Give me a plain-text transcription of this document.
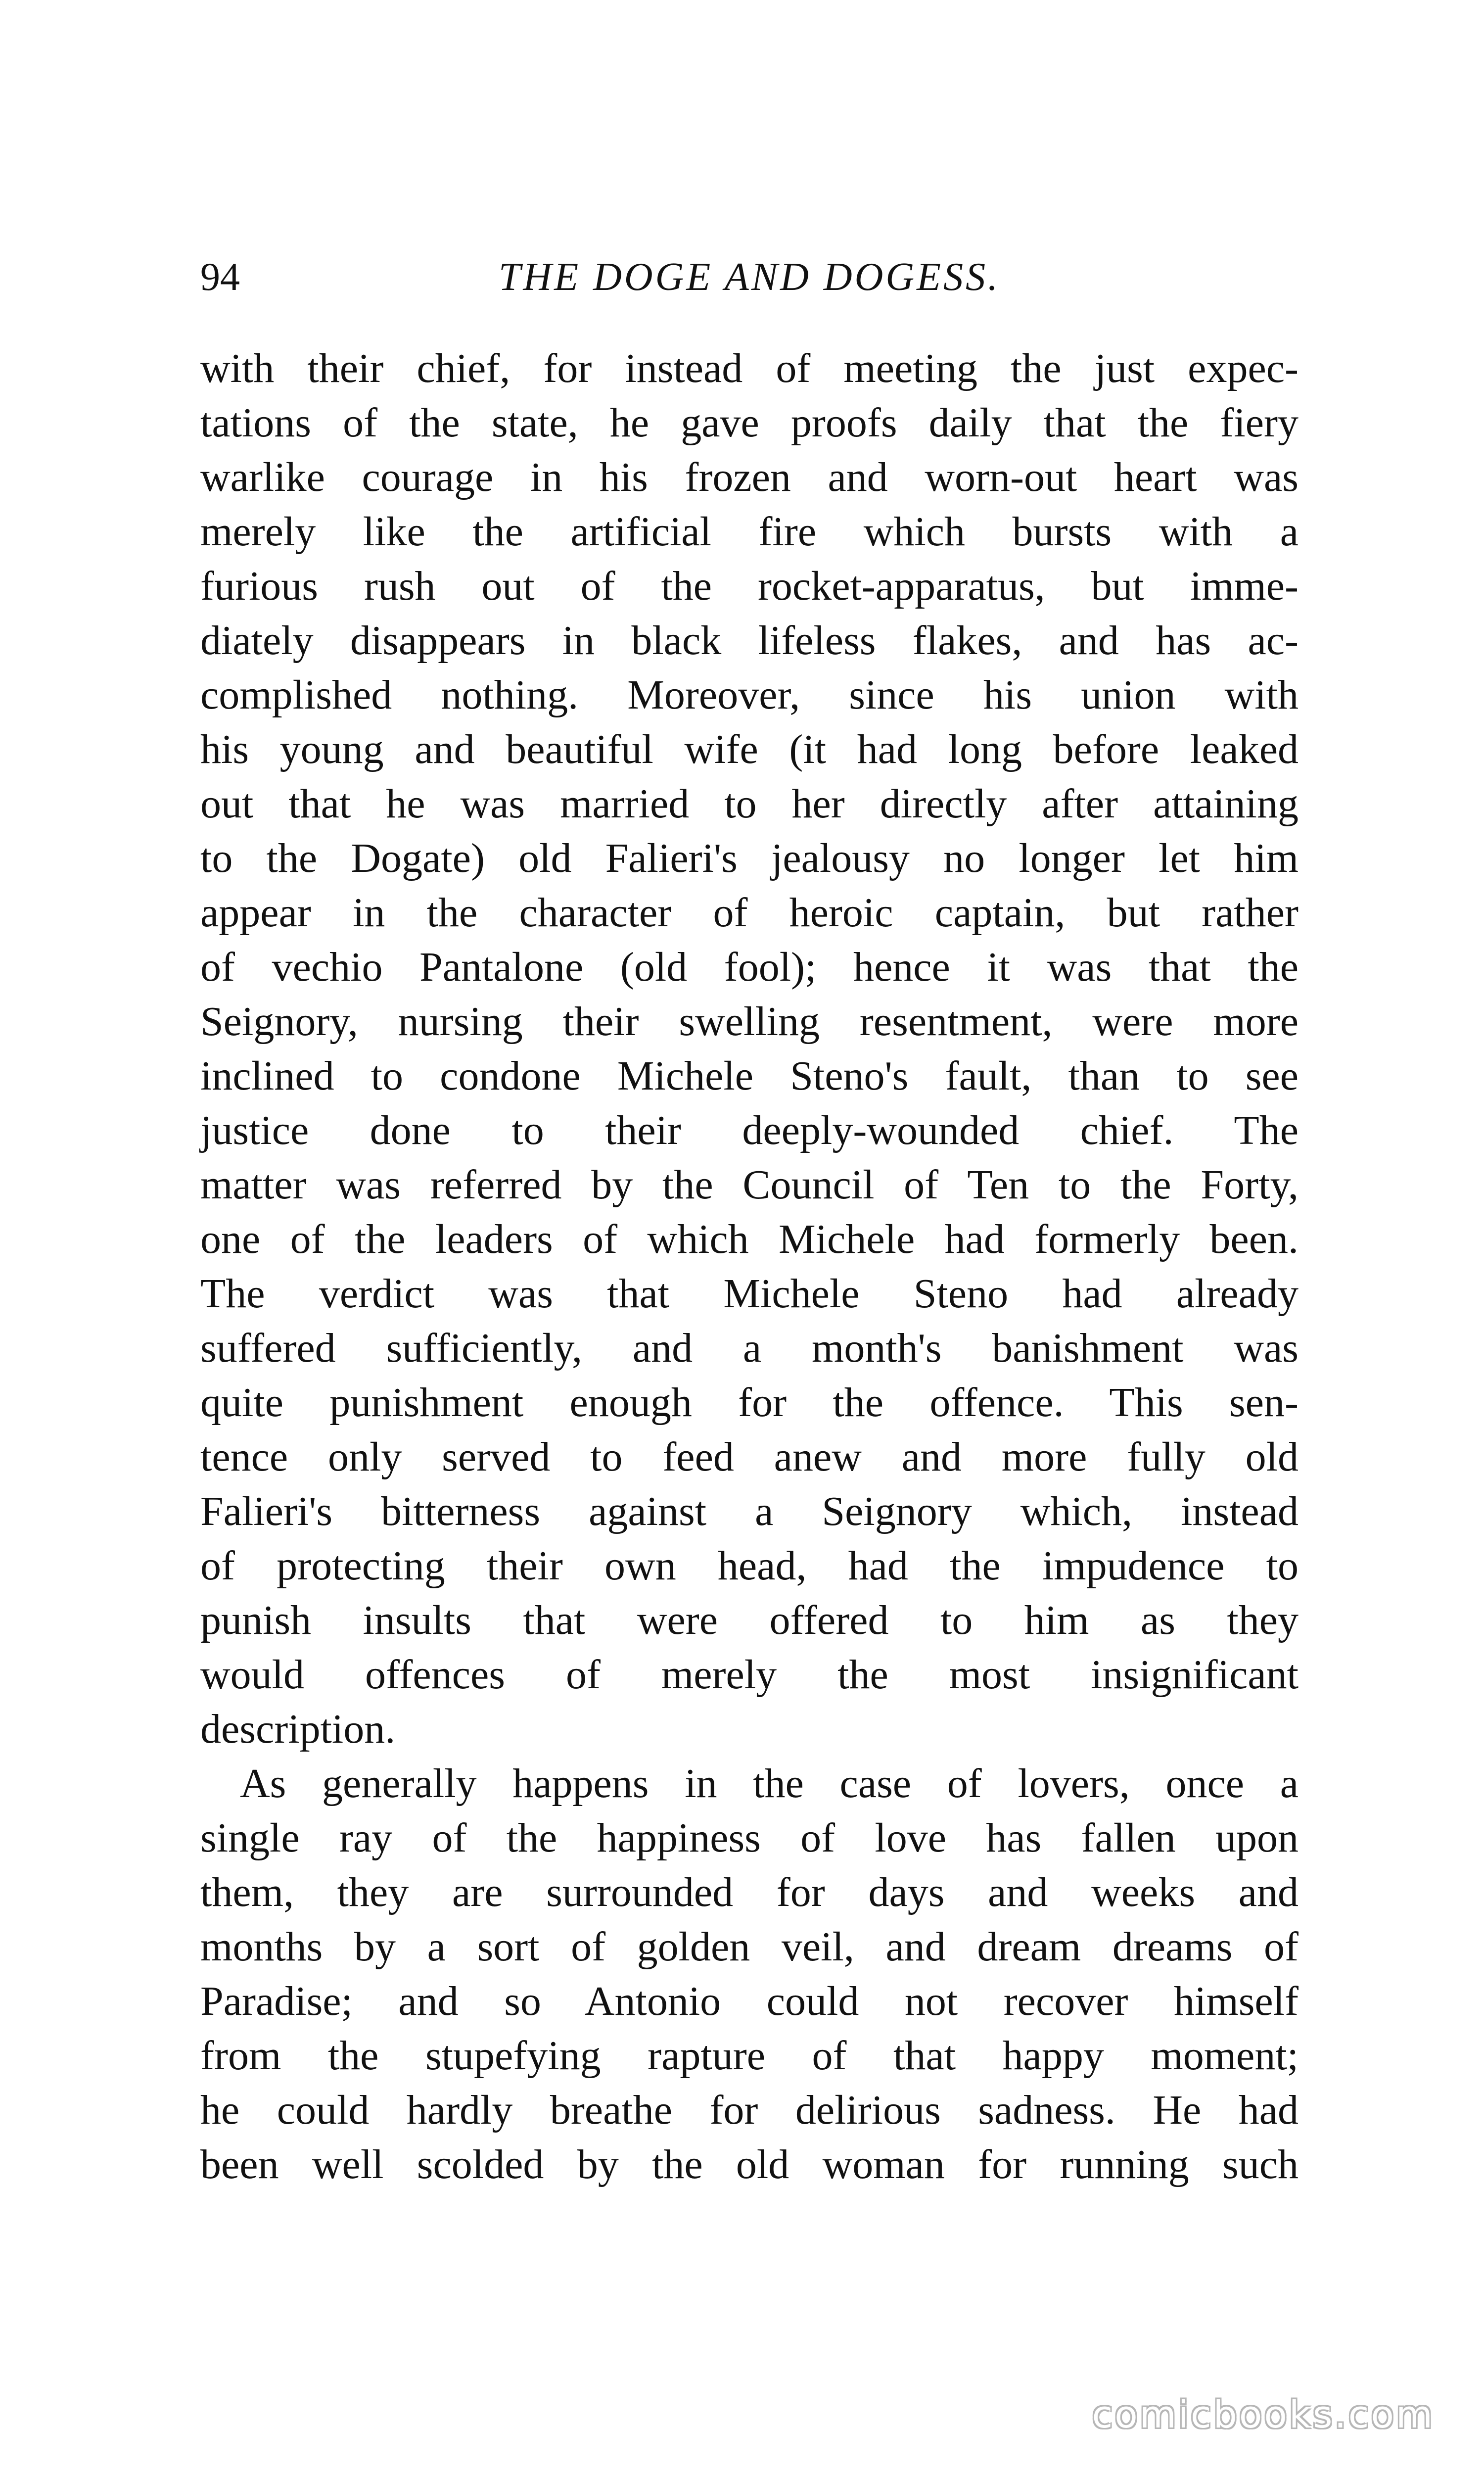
94	THE DOGE AND DOGESS.
with their chief, for instead of meeting the just expec-
tations of the state, he gave proofs daily that the fiery
warlike courage in his frozen and worn-out heart was
merely like the artificial fire which bursts with a
furious rush out of the rocket-apparatus, but imme-
diately disappears in black lifeless flakes, and has ac-
complished nothing. Moreover, since his union with
his young and beautiful wife (it had long before leaked
out that he was married to her directly after attaining
to the Dogate) old Falieri's jealousy no longer let him
appear in the character of heroic captain, but rather
of vechio Pantalone (old fool); hence it was that the
Seignory, nursing their swelling resentment, were more
inclined to condone Michele Steno's fault, than to see
justice done to their deeply-wounded chief. The
matter was referred by the Council of Ten to the Forty,
one of the leaders of which Michele had formerly been.
The verdict was that Michele Steno had already
suffered sufficiently, and a month's banishment was
quite punishment enough for the offence. This sen-
tence only served to feed anew and more fully old
Falieri's bitterness against a Seignory which, instead
of protecting their own head, had the impudence to
punish insults that were offered to him as they
would offences of merely the most insignificant
description.
As generally happens in the case of lovers, once a
single ray of the happiness of love has fallen upon
them, they are surrounded for days and weeks and
months by a sort of golden veil, and dream dreams of
Paradise; and so Antonio could not recover himself
from the stupefying rapture of that happy moment;
he could hardly breathe for delirious sadness. He had
been well scolded by the old woman for running such
comicbooks.com
